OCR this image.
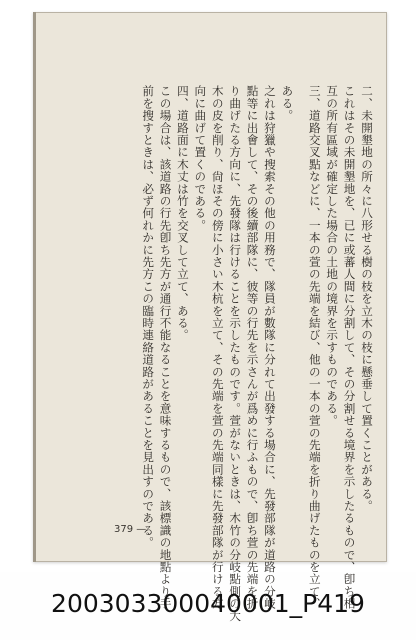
二、未開墾地の所々に八形せる樹の枝を立木の枝に懸垂して置くことがある。

これはその未開墾地を、已に或蕃人間に分割して、その分割せる境界を示したるもので、卽ち相

互の所有區域が確定した場合の土地の境界を示すものである。

三、道路交叉點などに、一本の萱の先端を結び、他の一本の萱の先端を折り曲げたものを立て、

ある。

之れは狩獵や搜索その他の用務で、隊員が數隊に分れて出發する場合に、先發部隊が道路の分岐

點等に出會して、その後續部隊に、彼等の行先を示さんが爲めに行ふもので、卽ち萱の先端を折

り曲げたる方向に、先發隊は行けることを示したものです。萱がないときは、木竹の分岐點側の大

木の皮を削り、尙ほその傍に小さい木杭を立て、その先端を萱の先端同樣に先發部隊が行ける方

向に曲げて置くのである。

四、道路面に木丈は竹を交叉して立て、ある。

この場合は、該道路の行先卽ち先方が通行不能なることを意味するもので、該標識の地點より手

前を搜すときは、必ず何れかに先方この臨時連絡道路があることを見出すのである。

379 —
200303300040001_P419
